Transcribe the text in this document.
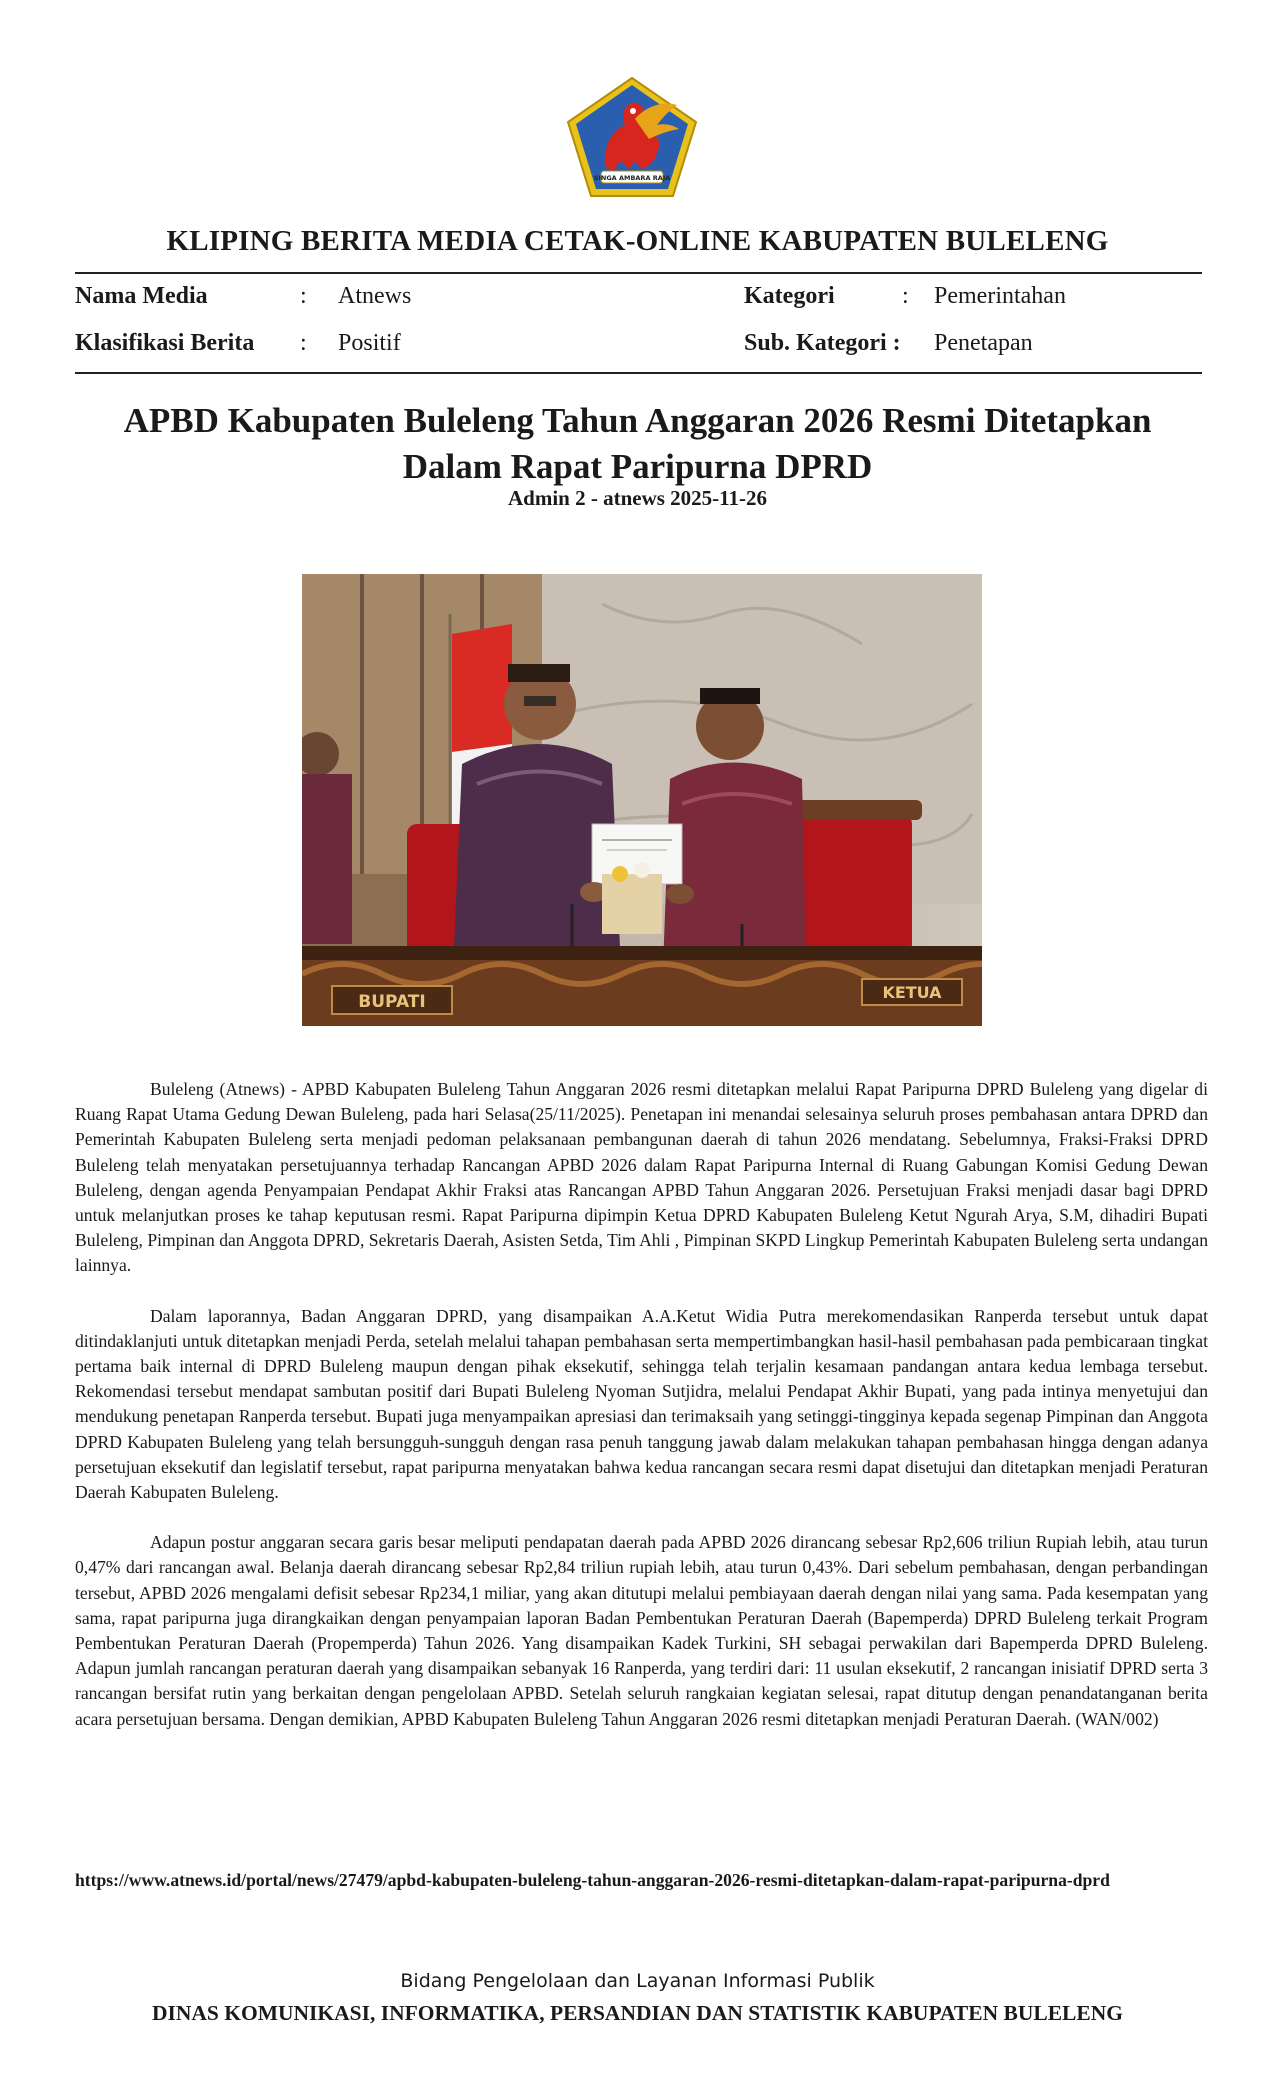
SINGA AMBARA RAJA
KLIPING BERITA MEDIA CETAK-ONLINE KABUPATEN BULELENG
Nama Media	: Atnews	Kategori	: Pemerintahan
Klasifikasi Berita : Positif	Sub. Kategori : Penetapan
APBD Kabupaten Buleleng Tahun Anggaran 2026 Resmi Ditetapkan
Dalam Rapat Paripurna DPRD
Admin 2 - atnews 2025-11-26
BUPATI	KETUA

Buleleng (Atnews) - APBD Kabupaten Buleleng Tahun Anggaran 2026 resmi ditetapkan melalui Rapat Paripurna DPRD Buleleng yang digelar di Ruang Rapat Utama Gedung Dewan Buleleng, pada hari Selasa(25/11/2025). Penetapan ini menandai selesainya seluruh proses pembahasan antara DPRD dan Pemerintah Kabupaten Buleleng serta menjadi pedoman pelaksanaan pembangunan daerah di tahun 2026 mendatang. Sebelumnya, Fraksi-Fraksi DPRD Buleleng telah menyatakan persetujuannya terhadap Rancangan APBD 2026 dalam Rapat Paripurna Internal di Ruang Gabungan Komisi Gedung Dewan Buleleng, dengan agenda Penyampaian Pendapat Akhir Fraksi atas Rancangan APBD Tahun Anggaran 2026. Persetujuan Fraksi menjadi dasar bagi DPRD untuk melanjutkan proses ke tahap keputusan resmi. Rapat Paripurna dipimpin Ketua DPRD Kabupaten Buleleng Ketut Ngurah Arya, S.M, dihadiri Bupati Buleleng, Pimpinan dan Anggota DPRD, Sekretaris Daerah, Asisten Setda, Tim Ahli , Pimpinan SKPD Lingkup Pemerintah Kabupaten Buleleng serta undangan lainnya.

Dalam laporannya, Badan Anggaran DPRD, yang disampaikan A.A.Ketut Widia Putra merekomendasikan Ranperda tersebut untuk dapat ditindaklanjuti untuk ditetapkan menjadi Perda, setelah melalui tahapan pembahasan serta mempertimbangkan hasil-hasil pembahasan pada pembicaraan tingkat pertama baik internal di DPRD Buleleng maupun dengan pihak eksekutif, sehingga telah terjalin kesamaan pandangan antara kedua lembaga tersebut. Rekomendasi tersebut mendapat sambutan positif dari Bupati Buleleng Nyoman Sutjidra, melalui Pendapat Akhir Bupati, yang pada intinya menyetujui dan mendukung penetapan Ranperda tersebut. Bupati juga menyampaikan apresiasi dan terimaksaih yang setinggi-tingginya kepada segenap Pimpinan dan Anggota DPRD Kabupaten Buleleng yang telah bersungguh-sungguh dengan rasa penuh tanggung jawab dalam melakukan tahapan pembahasan hingga dengan adanya persetujuan eksekutif dan legislatif tersebut, rapat paripurna menyatakan bahwa kedua rancangan secara resmi dapat disetujui dan ditetapkan menjadi Peraturan Daerah Kabupaten Buleleng.

Adapun postur anggaran secara garis besar meliputi pendapatan daerah pada APBD 2026 dirancang sebesar Rp2,606 triliun Rupiah lebih, atau turun 0,47% dari rancangan awal. Belanja daerah dirancang sebesar Rp2,84 triliun rupiah lebih, atau turun 0,43%. Dari sebelum pembahasan, dengan perbandingan tersebut, APBD 2026 mengalami defisit sebesar Rp234,1 miliar, yang akan ditutupi melalui pembiayaan daerah dengan nilai yang sama. Pada kesempatan yang sama, rapat paripurna juga dirangkaikan dengan penyampaian laporan Badan Pembentukan Peraturan Daerah (Bapemperda) DPRD Buleleng terkait Program Pembentukan Peraturan Daerah (Propemperda) Tahun 2026. Yang disampaikan Kadek Turkini, SH sebagai perwakilan dari Bapemperda DPRD Buleleng. Adapun jumlah rancangan peraturan daerah yang disampaikan sebanyak 16 Ranperda, yang terdiri dari: 11 usulan eksekutif, 2 rancangan inisiatif DPRD serta 3 rancangan bersifat rutin yang berkaitan dengan pengelolaan APBD. Setelah seluruh rangkaian kegiatan selesai, rapat ditutup dengan penandatanganan berita acara persetujuan bersama. Dengan demikian, APBD Kabupaten Buleleng Tahun Anggaran 2026 resmi ditetapkan menjadi Peraturan Daerah. (WAN/002)

https://www.atnews.id/portal/news/27479/apbd-kabupaten-buleleng-tahun-anggaran-2026-resmi-ditetapkan-dalam-rapat-paripurna-dprd
Bidang Pengelolaan dan Layanan Informasi Publik
DINAS KOMUNIKASI, INFORMATIKA, PERSANDIAN DAN STATISTIK KABUPATEN BULELENG
